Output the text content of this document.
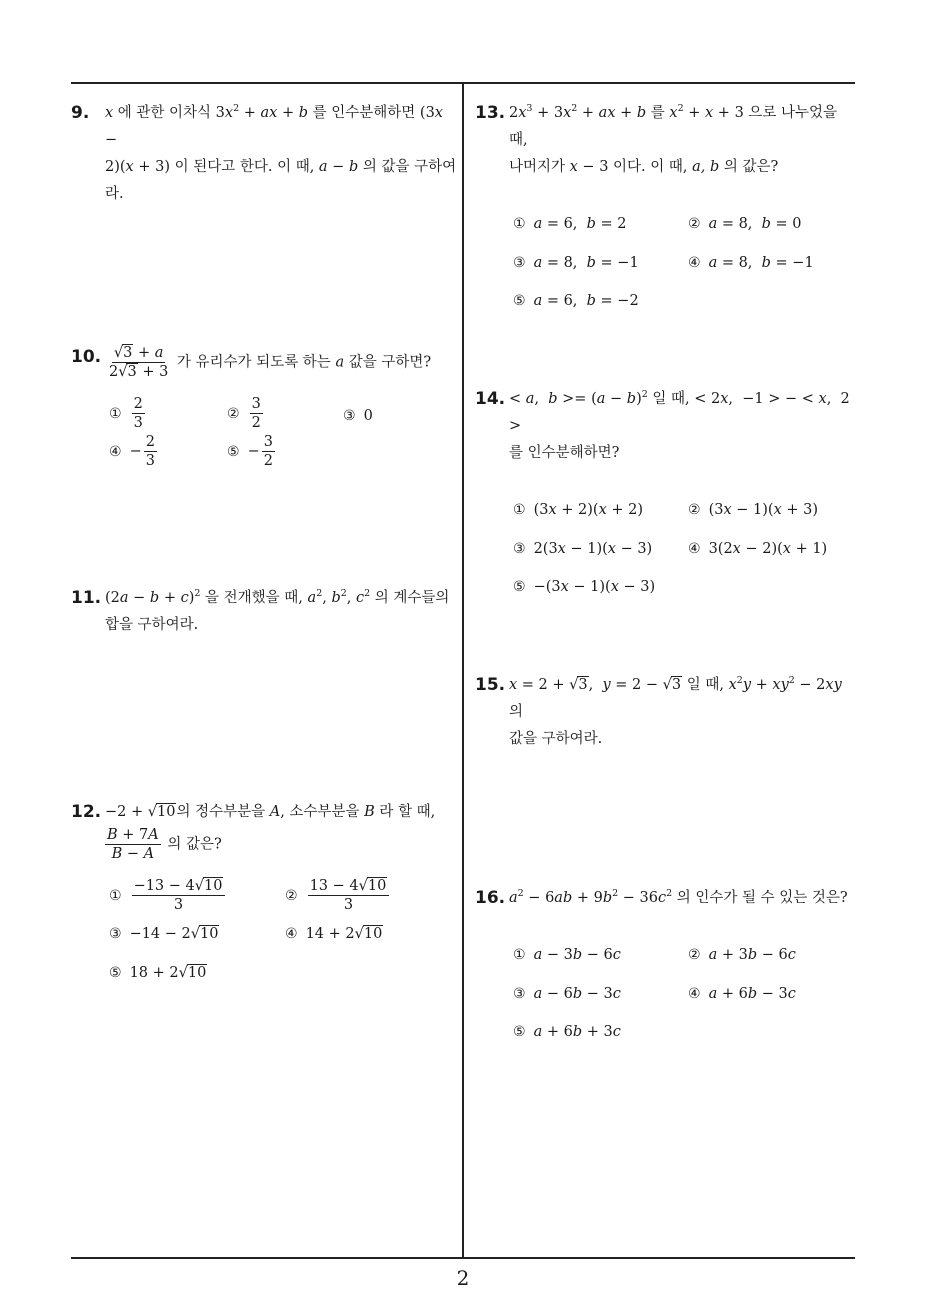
9. x 에 관한 이차식 $3x^2$ + ax + b 를 인수분해하면 (3x −
2)(x + 3) 이 된다고 한다. 이 때, a − b 의 값을 구하여라.
10. $\frac{√3 + a}{2√3 + 3}$ 가 유리수가 되도록 하는 a 값을 구하면?
① $\frac{2}{3}$	② $\frac{3}{2}$	③ 0
④ − $\frac{2}{3}$	⑤ − $\frac{3}{2}$
11. $(2a - b + c)^2$ 을 전개했을 때, $a^2$, $b^2$, $c^2$ 의 계수들의 합을 구하여라.
12. −2 + √10의 정수부분을 A, 소수부분을 B 라 할 때,

$\frac{B + 7A}{B - A}$ 의 값은?
① $\frac{-13 - 4√10}{3}$	② $\frac{13 - 4√10}{3}$
③ −14 − 2√10	④ 14 + 2√10
⑤ 18 + 2√10
13. $2x^3 + 3x^2$ + ax + b 를 $x^2 + x + 3$ 으로 나누었을 때,
나머지가 x − 3 이다. 이 때, a, b 의 값은?
① a = 6,  b = 2	② a = 8,  b = 0
③ a = 8,  b = −1	④ a = 8,  b = −1
⑤ a = 6,  b = −2
14. < a,  $b >= (a - b)^2$ 일 때, < 2x,  −1 > − < x,  2 >
를 인수분해하면?
① (3x + 2)(x + 2)	② (3x − 1)(x + 3)
③ 2(3x − 1)(x − 3)	④ 3(2x − 2)(x + 1)
⑤ −(3x − 1)(x − 3)
15. x = 2 + √3,  y = 2 − √3 일 때, $x^2y + xy^2 - 2xy$ 의
값을 구하여라.
16. $a^2 - 6ab + 9b^2 - 36c^2$ 의 인수가 될 수 있는 것은?
① a − 3b − 6c	② a + 3b − 6c
③ a − 6b − 3c	④ a + 6b − 3c
⑤ a + 6b + 3c
2
